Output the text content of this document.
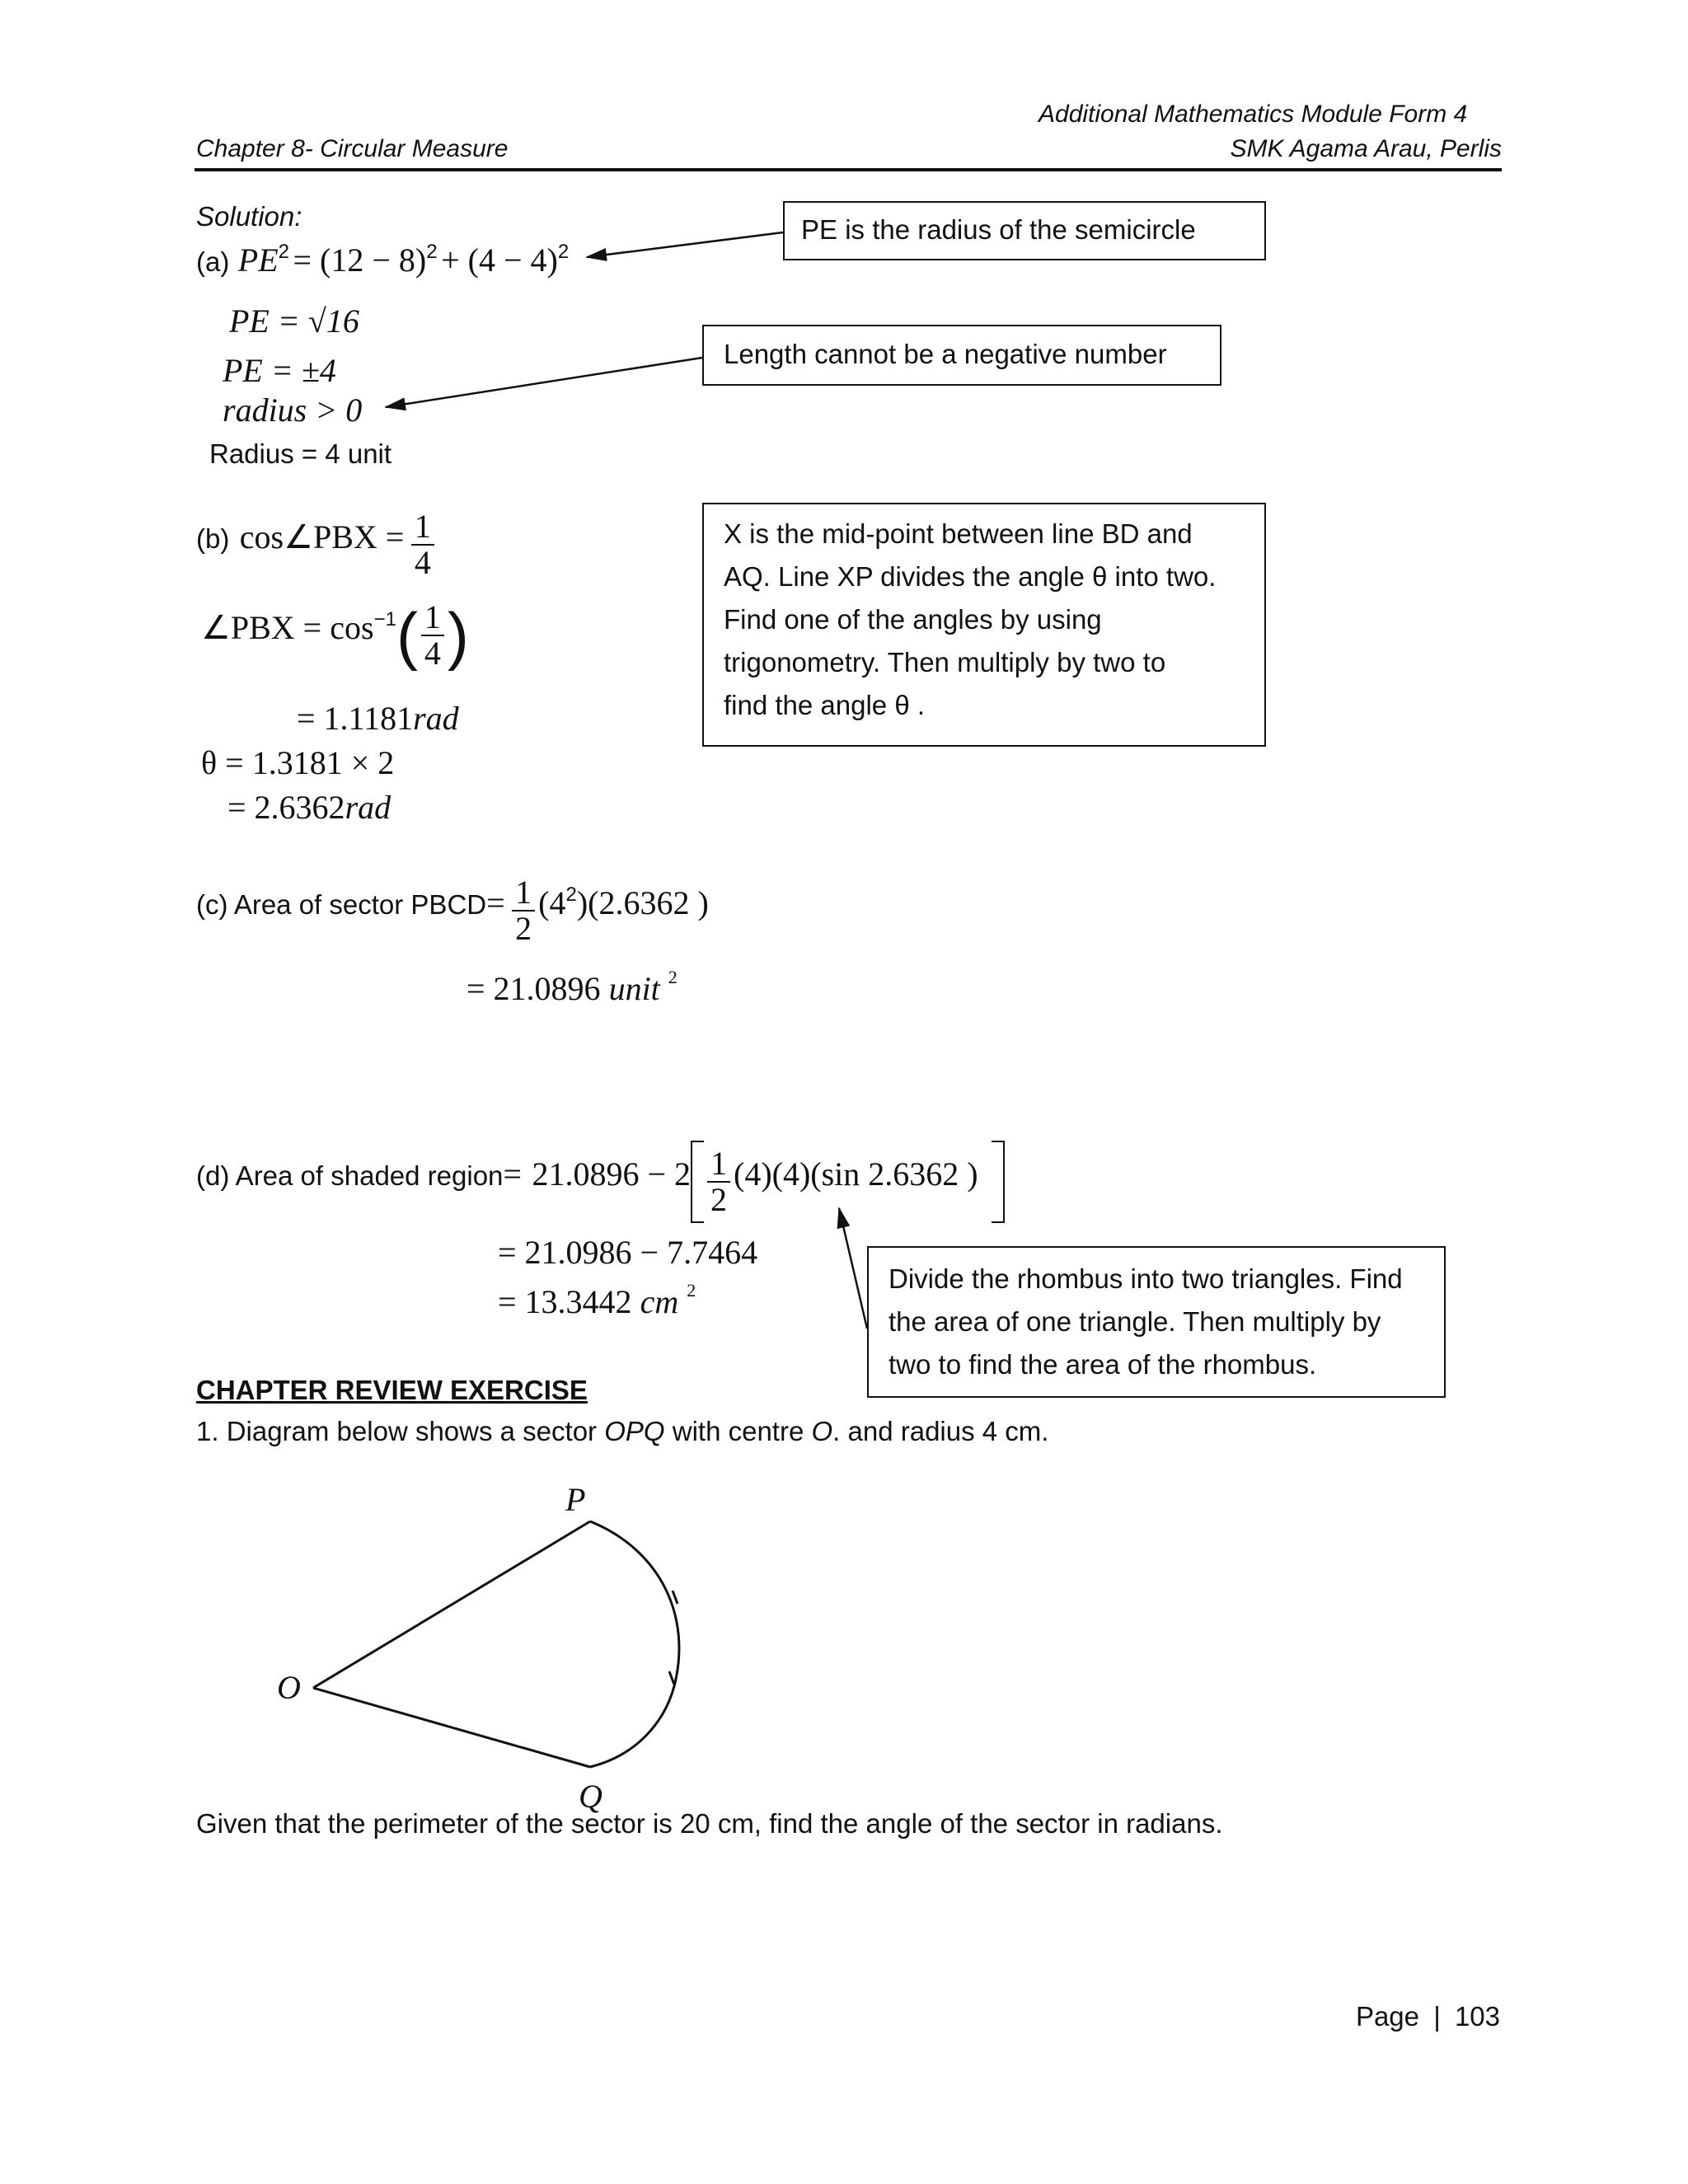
Additional Mathematics Module Form 4
Chapter 8- Circular Measure	SMK Agama Arau, Perlis
Solution:
(a) $PE^2 = (12 - 8)^2 + (4 - 4)^2$
PE = √16
PE = ±4
radius > 0
Radius = 4 unit
PE is the radius of the semicircle
Length cannot be a negative number
X is the mid-point between line BD and
AQ. Line XP divides the angle θ into two.
Find one of the angles by using
trigonometry. Then multiply by two to
find the angle θ .
Divide the rhombus into two triangles. Find
the area of one triangle. Then multiply by
two to find the area of the rhombus.
(b) cos∠PBX = $\frac{1}{4}$
∠PBX = $\cos^{-1}( \frac{1}{4}$ )
= 1.1181rad
θ = 1.3181 × 2
= 2.6362rad
(c) Area of sector PBCD= $\frac{1}{2} (4^2)(2.6362$ )
= 21.0896 unit $^2$
(d) Area of shaded region= $21.0896 - 2 \frac{1}{2} (4)(4)(\sin$ 2.6362 )
= 21.0986 − 7.7464
= 13.3442 cm $^2$
CHAPTER REVIEW EXERCISE
1. Diagram below shows a sector OPQ with centre O. and radius 4 cm.
P
O
Q
Given that the perimeter of the sector is 20 cm, find the angle of the sector in radians.
Page | 103
